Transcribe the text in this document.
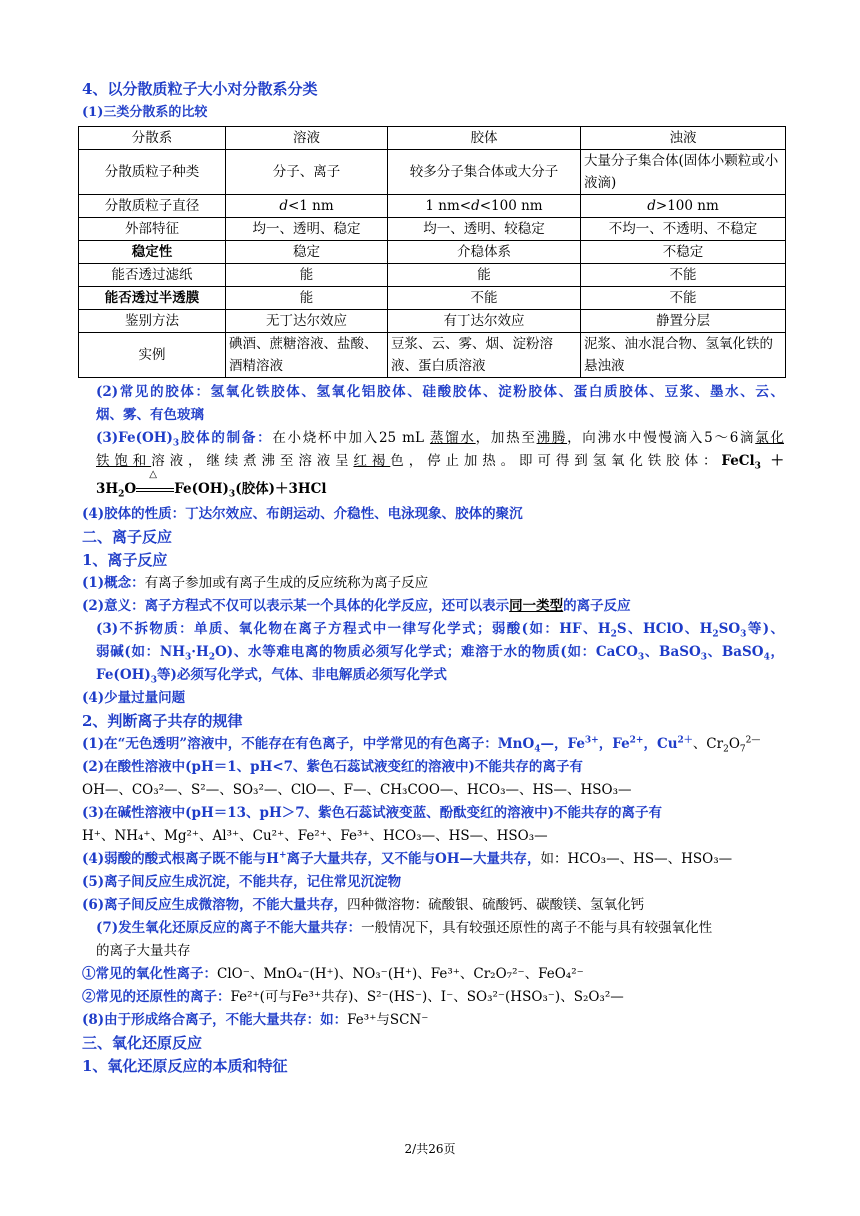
4、以分散质粒子大小对分散系分类
(1)三类分散系的比较
分散系	溶液	胶体	浊液
分散质粒子种类	分子、离子	较多分子集合体或大分子	大量分子集合体(固体小颗粒或小液滴)
分散质粒子直径	d<1 nm	1 nm<d<100 nm	d>100 nm
外部特征	均一、透明、稳定	均一、透明、较稳定	不均一、不透明、不稳定
稳定性	稳定	介稳体系	不稳定
能否透过滤纸	能	能	不能
能否透过半透膜	能	不能	不能
鉴别方法	无丁达尔效应	有丁达尔效应	静置分层
实例	碘酒、蔗糖溶液、盐酸、酒精溶液	豆浆、云、雾、烟、淀粉溶液、蛋白质溶液	泥浆、油水混合物、氢氧化铁的悬浊液
(2)常见的胶体：氢氧化铁胶体、氢氧化铝胶体、硅酸胶体、淀粉胶体、蛋白质胶体、豆浆、墨水、云、
烟、雾、有色玻璃
$(3)Fe(OH)_3$胶体的制备：在小烧杯中加入25 mL 蒸馏水，加热至沸腾，向沸水中慢慢滴入5～6滴氯化
铁饱和溶液，继续煮沸至溶液呈红褐色，停止加热。即可得到氢氧化铁胶体：FeCl$_3$ ＋
$3H_2O$
△
$Fe(OH)_3$(胶体)＋3HCl
(4)胶体的性质：丁达尔效应、布朗运动、介稳性、电泳现象、胶体的聚沉
二、离子反应
1、离子反应
(1)概念：有离子参加或有离子生成的反应统称为离子反应
(2)意义：离子方程式不仅可以表示某一个具体的化学反应，还可以表示同一类型的离子反应
(3)不拆物质：单质、氧化物在离子方程式中一律写化学式；弱酸(如：HF、$H_2S$、HClO、$H_2SO_3$等)、
弱碱(如：$NH_3\cdot H_2O$)、水等难电离的物质必须写化学式；难溶于水的物质(如：CaCO$_3$、BaSO$_3$、BaSO$_4$，
$Fe(OH)_3$等)必须写化学式，气体、非电解质必须写化学式
(4)少量过量问题
2、判断离子共存的规律
(1)在“无色透明”溶液中，不能存在有色离子，中学常见的有色离子：MnO$_4$—，$Fe^{3+}$，$Fe^{2+}$，$Cu^{2+}$、$Cr_2O_7^{2—}$
(2)在酸性溶液中(pH＝1、pH<7、紫色石蕊试液变红的溶液中)不能共存的离子有
OH—、CO₃²—、S²—、SO₃²—、ClO—、F—、CH₃COO—、HCO₃—、HS—、HSO₃—
(3)在碱性溶液中(pH＝13、pH＞7、紫色石蕊试液变蓝、酚酞变红的溶液中)不能共存的离子有
H⁺、NH₄⁺、Mg²⁺、Al³⁺、Cu²⁺、Fe²⁺、Fe³⁺、HCO₃—、HS—、HSO₃—
(4)弱酸的酸式根离子既不能与H+离子大量共存，又不能与OH—大量共存，如：HCO₃—、HS—、HSO₃—
(5)离子间反应生成沉淀，不能共存，记住常见沉淀物
(6)离子间反应生成微溶物，不能大量共存，四种微溶物：硫酸银、硫酸钙、碳酸镁、氢氧化钙
(7)发生氧化还原反应的离子不能大量共存：一般情况下，具有较强还原性的离子不能与具有较强氧化性
的离子大量共存
①常见的氧化性离子：ClO⁻、MnO₄⁻(H⁺)、NO₃⁻(H⁺)、Fe³⁺、Cr₂O₇²⁻、FeO₄²⁻
②常见的还原性的离子：Fe²⁺(可与Fe³⁺共存)、S²⁻(HS⁻)、I⁻、SO₃²⁻(HSO₃⁻)、S₂O₃²—
(8)由于形成络合离子，不能大量共存：如：Fe³⁺与SCN⁻
三、氧化还原反应
1、氧化还原反应的本质和特征
2/共26页
